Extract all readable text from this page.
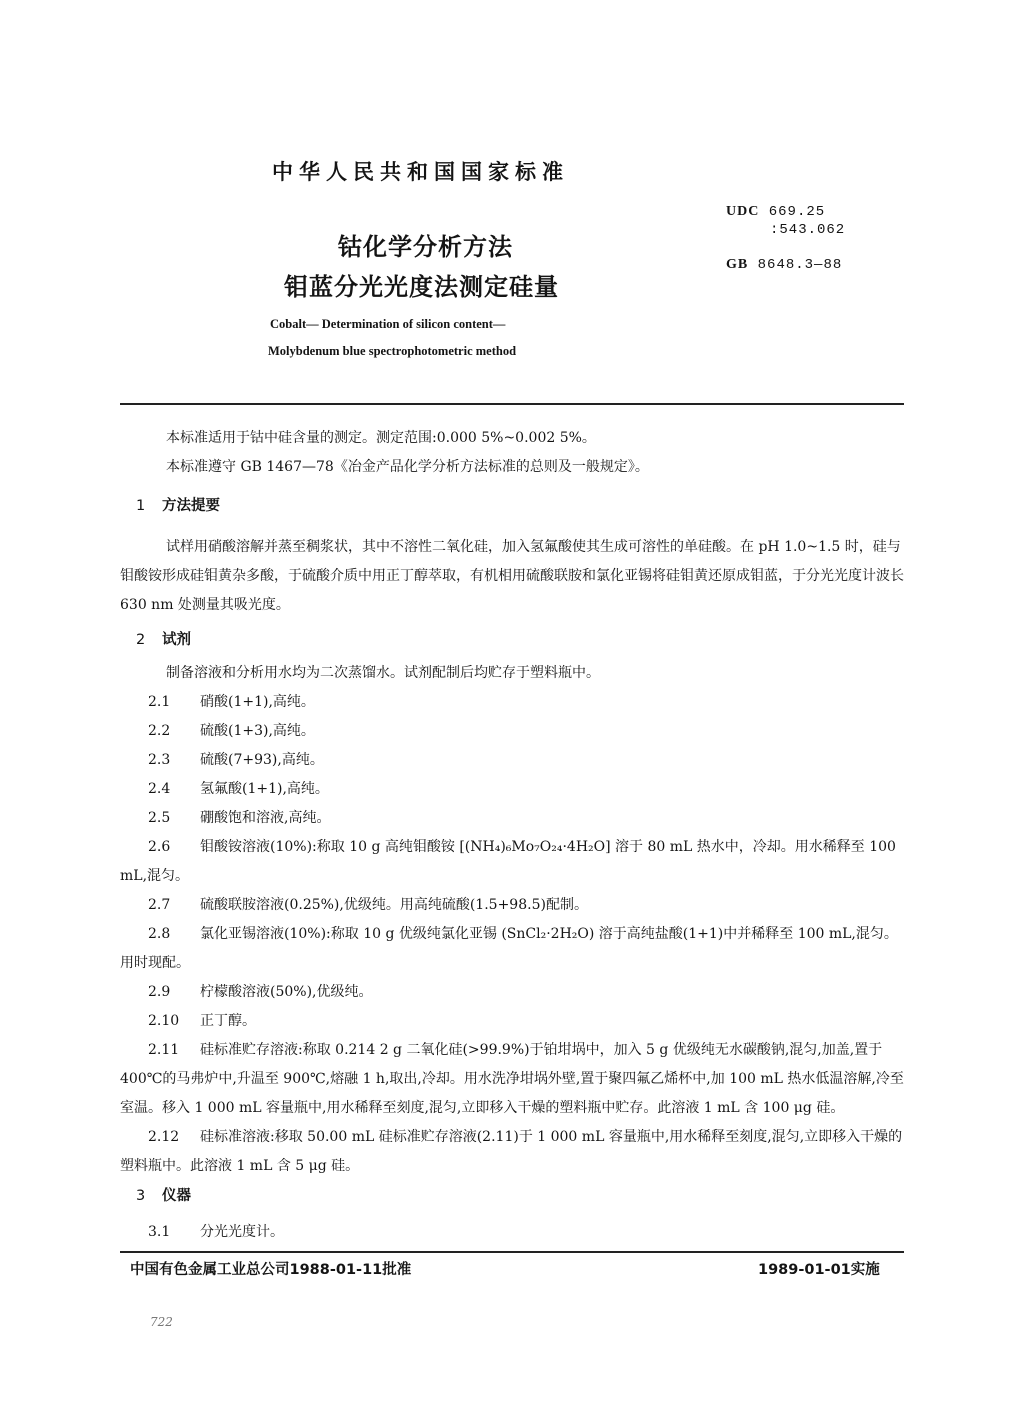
中华人民共和国国家标准
钴化学分析方法
钼蓝分光光度法测定硅量
Cobalt— Determination of silicon content—
Molybdenum blue spectrophotometric method
UDC 669.25
:543.062
GB 8648.3—88

本标准适用于钴中硅含量的测定。测定范围:0.000 5%~0.002 5%。

本标准遵守 GB 1467—78《冶金产品化学分析方法标准的总则及一般规定》。

1 方法提要

试样用硝酸溶解并蒸至稠浆状，其中不溶性二氧化硅，加入氢氟酸使其生成可溶性的单硅酸。在 pH 1.0~1.5 时，硅与钼酸铵形成硅钼黄杂多酸，于硫酸介质中用正丁醇萃取，有机相用硫酸联胺和氯化亚锡将硅钼黄还原成钼蓝，于分光光度计波长 630 nm 处测量其吸光度。

2 试剂

制备溶液和分析用水均为二次蒸馏水。试剂配制后均贮存于塑料瓶中。

2.1 硝酸(1+1),高纯。
2.2 硫酸(1+3),高纯。
2.3 硫酸(7+93),高纯。
2.4 氢氟酸(1+1),高纯。
2.5 硼酸饱和溶液,高纯。
2.6 钼酸铵溶液(10%):称取 10 g 高纯钼酸铵 [(NH₄)₆Mo₇O₂₄·4H₂O] 溶于 80 mL 热水中，冷却。用水稀释至 100 mL,混匀。
2.7 硫酸联胺溶液(0.25%),优级纯。用高纯硫酸(1.5+98.5)配制。
2.8 氯化亚锡溶液(10%):称取 10 g 优级纯氯化亚锡 (SnCl₂·2H₂O) 溶于高纯盐酸(1+1)中并稀释至 100 mL,混匀。用时现配。
2.9 柠檬酸溶液(50%),优级纯。
2.10 正丁醇。
2.11 硅标准贮存溶液:称取 0.214 2 g 二氧化硅(>99.9%)于铂坩埚中，加入 5 g 优级纯无水碳酸钠,混匀,加盖,置于 400℃的马弗炉中,升温至 900℃,熔融 1 h,取出,冷却。用水洗净坩埚外壁,置于聚四氟乙烯杯中,加 100 mL 热水低温溶解,冷至室温。移入 1 000 mL 容量瓶中,用水稀释至刻度,混匀,立即移入干燥的塑料瓶中贮存。此溶液 1 mL 含 100 μg 硅。
2.12 硅标准溶液:移取 50.00 mL 硅标准贮存溶液(2.11)于 1 000 mL 容量瓶中,用水稀释至刻度,混匀,立即移入干燥的塑料瓶中。此溶液 1 mL 含 5 μg 硅。
3 仪器
3.1 分光光度计。
中国有色金属工业总公司1988-01-11批准	1989-01-01实施
722
